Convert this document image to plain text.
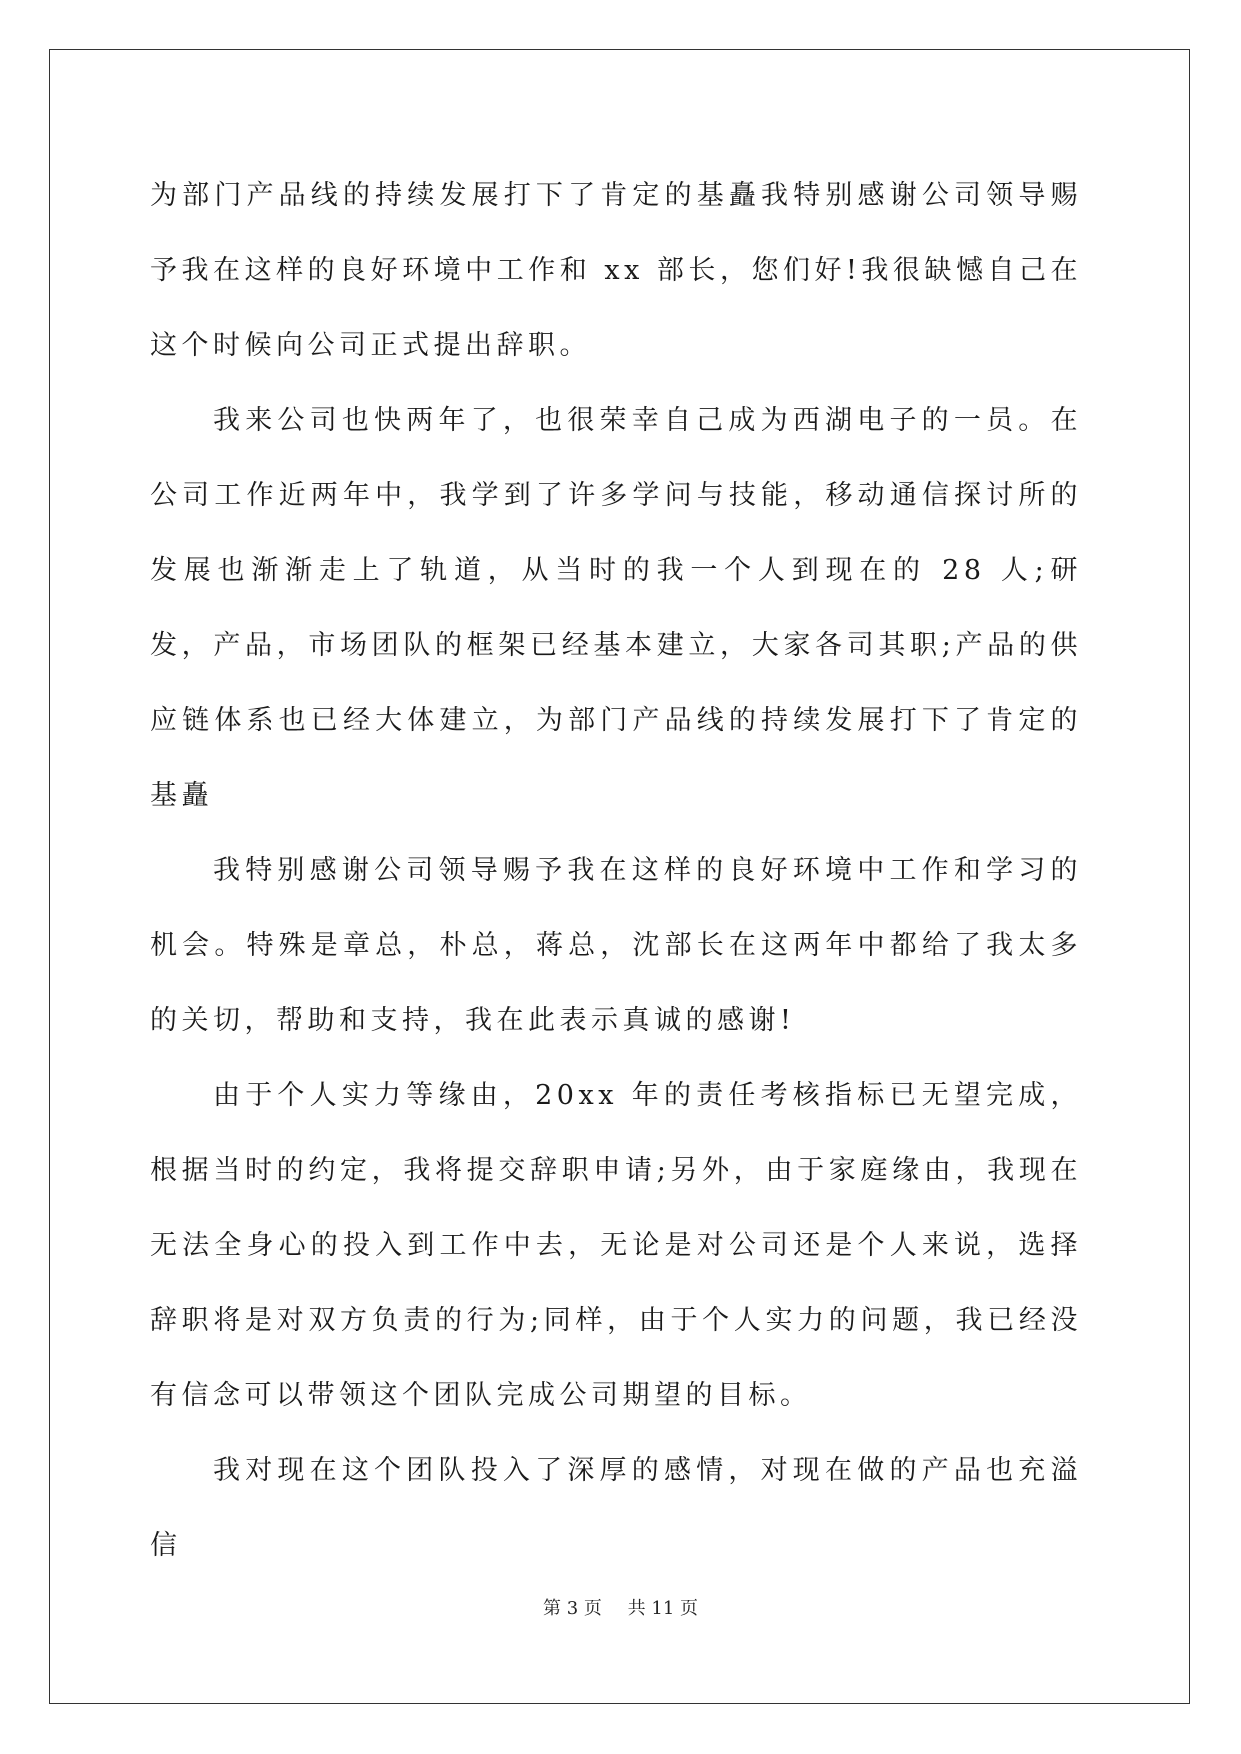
为部门产品线的持续发展打下了肯定的基矗我特别感谢公司领导赐予我在这样的良好环境中工作和 xx 部长，您们好!我很缺憾自己在这个时候向公司正式提出辞职。

我来公司也快两年了，也很荣幸自己成为西湖电子的一员。在公司工作近两年中，我学到了许多学问与技能，移动通信探讨所的发展也渐渐走上了轨道，从当时的我一个人到现在的 28 人;研发，产品，市场团队的框架已经基本建立，大家各司其职;产品的供应链体系也已经大体建立，为部门产品线的持续发展打下了肯定的基矗

我特别感谢公司领导赐予我在这样的良好环境中工作和学习的机会。特殊是章总，朴总，蒋总，沈部长在这两年中都给了我太多的关切，帮助和支持，我在此表示真诚的感谢!

由于个人实力等缘由，20xx 年的责任考核指标已无望完成，根据当时的约定，我将提交辞职申请;另外，由于家庭缘由，我现在无法全身心的投入到工作中去，无论是对公司还是个人来说，选择辞职将是对双方负责的行为;同样，由于个人实力的问题，我已经没有信念可以带领这个团队完成公司期望的目标。

我对现在这个团队投入了深厚的感情，对现在做的产品也充溢信

第 3 页 共 11 页
